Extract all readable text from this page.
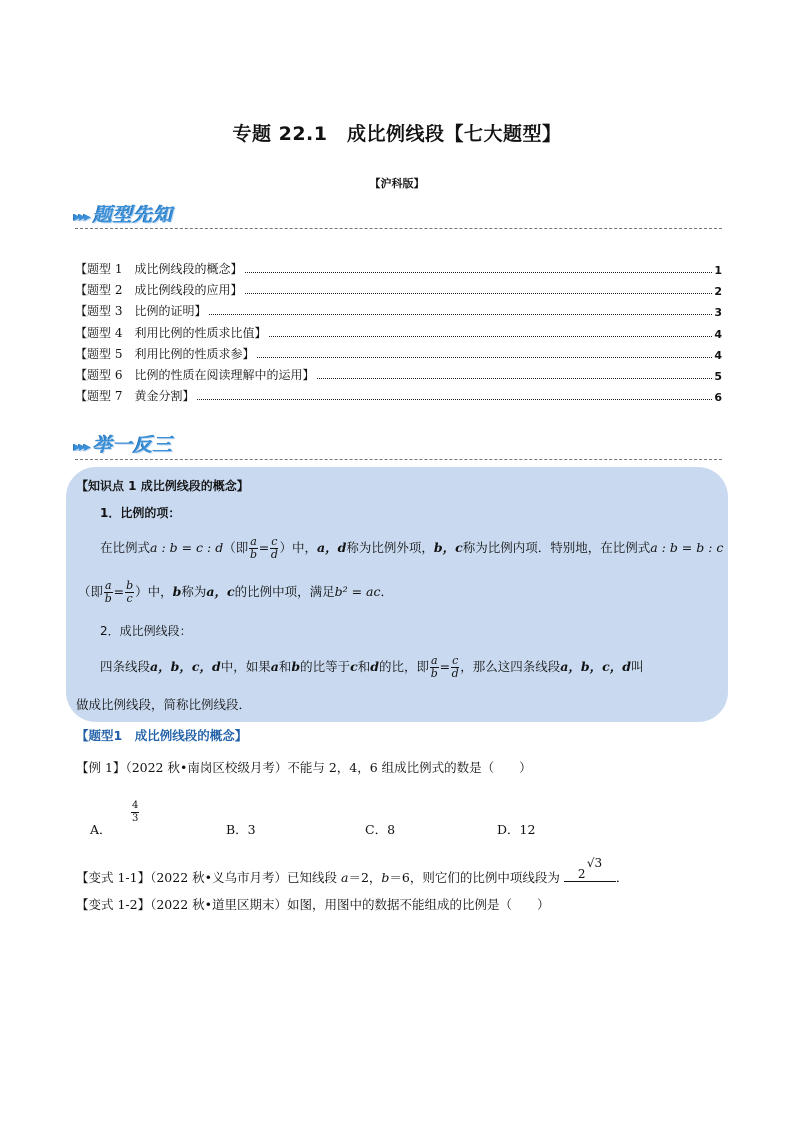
专题 22.1　成比例线段【七大题型】
【沪科版】
▸▸▸ 题型先知
【题型 1　成比例线段的概念】	1
【题型 2　成比例线段的应用】	2
【题型 3　比例的证明】	3
【题型 4　利用比例的性质求比值】	4
【题型 5　利用比例的性质求参】	4
【题型 6　比例的性质在阅读理解中的运用】	5
【题型 7　黄金分割】	6
▸▸▸ 举一反三
【知识点 1 成比例线段的概念】
1．比例的项：
在比例式a : b = c : d（即 $\frac{a}{b} = \frac{c}{d}$ ）中，a，d称为比例外项，b，c称为比例内项．特别地，在比例式a : b = b : c
（即 $\frac{a}{b} = \frac{b}{c}$ ）中，b称为a，c的比例中项，满足b² = ac．
2．成比例线段：
四条线段a，b，c，d中，如果a和b的比等于c和d的比，即 $\frac{a}{b} = \frac{c}{d}$ ，那么这四条线段a，b，c，d叫
做成比例线段，简称比例线段．
【题型1　成比例线段的概念】
【例 1】（2022 秋•南岗区校级月考）不能与 2，4，6 组成比例式的数是（　　）
A．
$\frac{4}{3}$
B．3	C．8	D．12
【变式 1-1】（2022 秋•义乌市月考）已知线段 a＝2，b＝6，则它们的比例中项线段为 2
√3
．
【变式 1-2】（2022 秋•道里区期末）如图，用图中的数据不能组成的比例是（　　）
